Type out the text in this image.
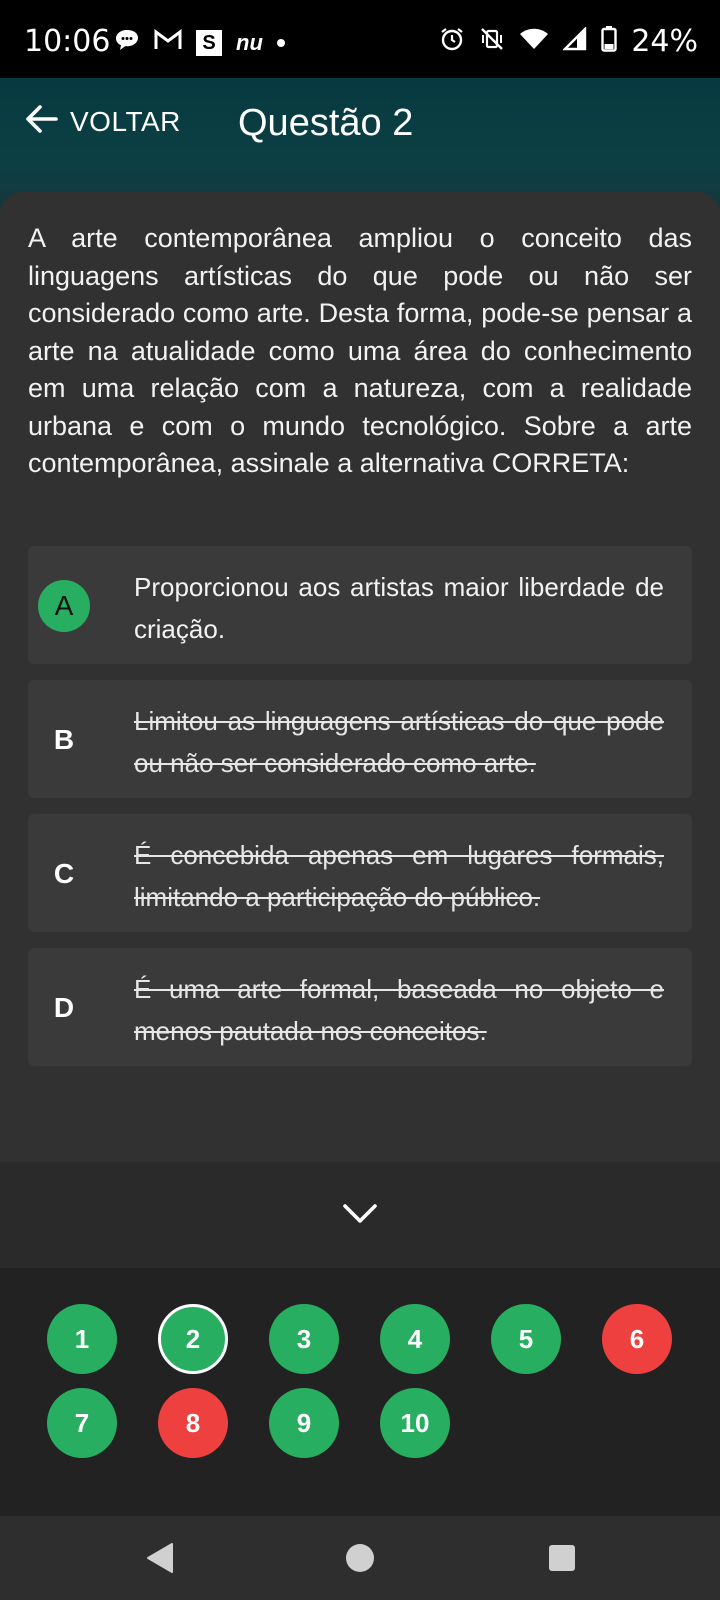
10:06	S nu	24%
VOLTAR Questão 2

A arte contemporânea ampliou o conceito das linguagens artísticas do que pode ou não ser considerado como arte. Desta forma, pode-se pensar a arte na atualidade como uma área do conhecimento em uma relação com a natureza, com a realidade urbana e com o mundo tecnológico. Sobre a arte contemporânea, assinale a alternativa CORRETA:

A
Proporcionou aos artistas maior liberdade de criação.
B
Limitou as linguagens artísticas do que pode ou não ser considerado como arte.
C
É concebida apenas em lugares formais, limitando a participação do público.
D
É uma arte formal, baseada no objeto e menos pautada nos conceitos.
1	2	3	4	5	6
7	8	9	10
